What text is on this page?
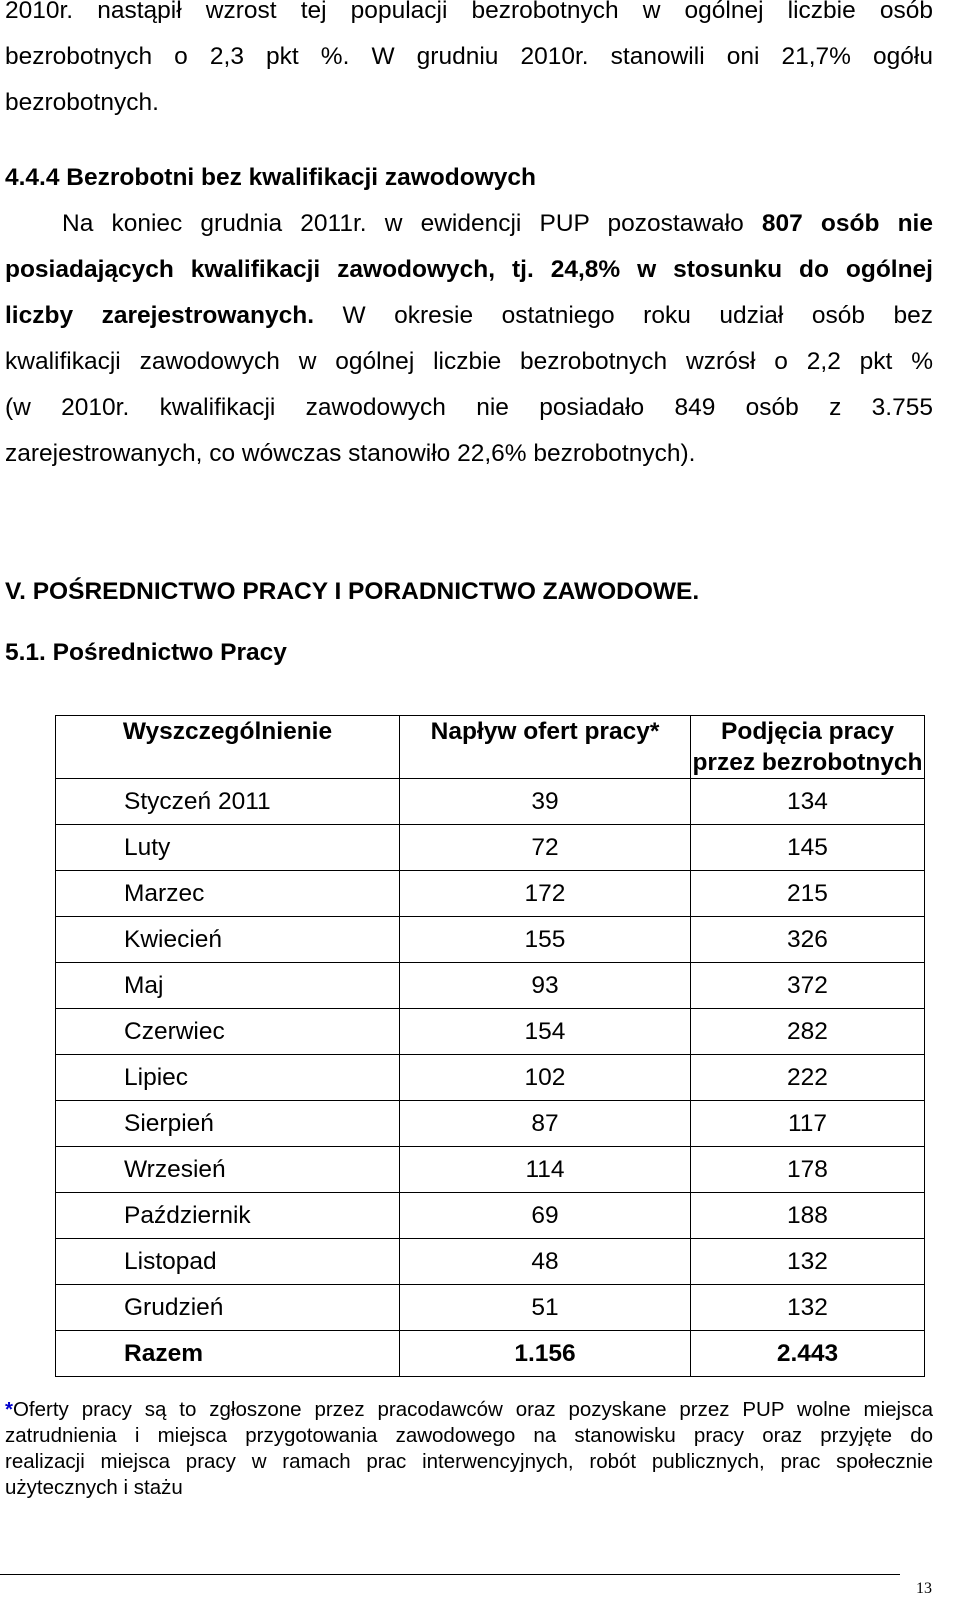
2010r. nastąpił wzrost tej populacji bezrobotnych w ogólnej liczbie osób
bezrobotnych o 2,3 pkt %. W grudniu 2010r. stanowili oni 21,7% ogółu
bezrobotnych.
4.4.4 Bezrobotni bez kwalifikacji zawodowych
Na koniec grudnia 2011r. w ewidencji PUP pozostawało 807 osób nie
posiadających kwalifikacji zawodowych, tj. 24,8% w stosunku do ogólnej
liczby zarejestrowanych. W okresie ostatniego roku udział osób bez
kwalifikacji zawodowych w ogólnej liczbie bezrobotnych wzrósł o 2,2 pkt %
(w 2010r. kwalifikacji zawodowych nie posiadało 849 osób z 3.755
zarejestrowanych, co wówczas stanowiło 22,6% bezrobotnych).
V. POŚREDNICTWO PRACY I PORADNICTWO ZAWODOWE.
5.1. Pośrednictwo Pracy
Wyszczególnienie	Napływ ofert pracy*	Podjęcia pracy przez bezrobotnych
Styczeń 2011	39	134
Luty	72	145
Marzec	172	215
Kwiecień	155	326
Maj	93	372
Czerwiec	154	282
Lipiec	102	222
Sierpień	87	117
Wrzesień	114	178
Październik	69	188
Listopad	48	132
Grudzień	51	132
Razem	1.156	2.443
*Oferty pracy są to zgłoszone przez pracodawców oraz pozyskane przez PUP wolne miejsca
zatrudnienia i miejsca przygotowania zawodowego na stanowisku pracy oraz przyjęte do
realizacji miejsca pracy w ramach prac interwencyjnych, robót publicznych, prac społecznie
użytecznych i stażu
13
